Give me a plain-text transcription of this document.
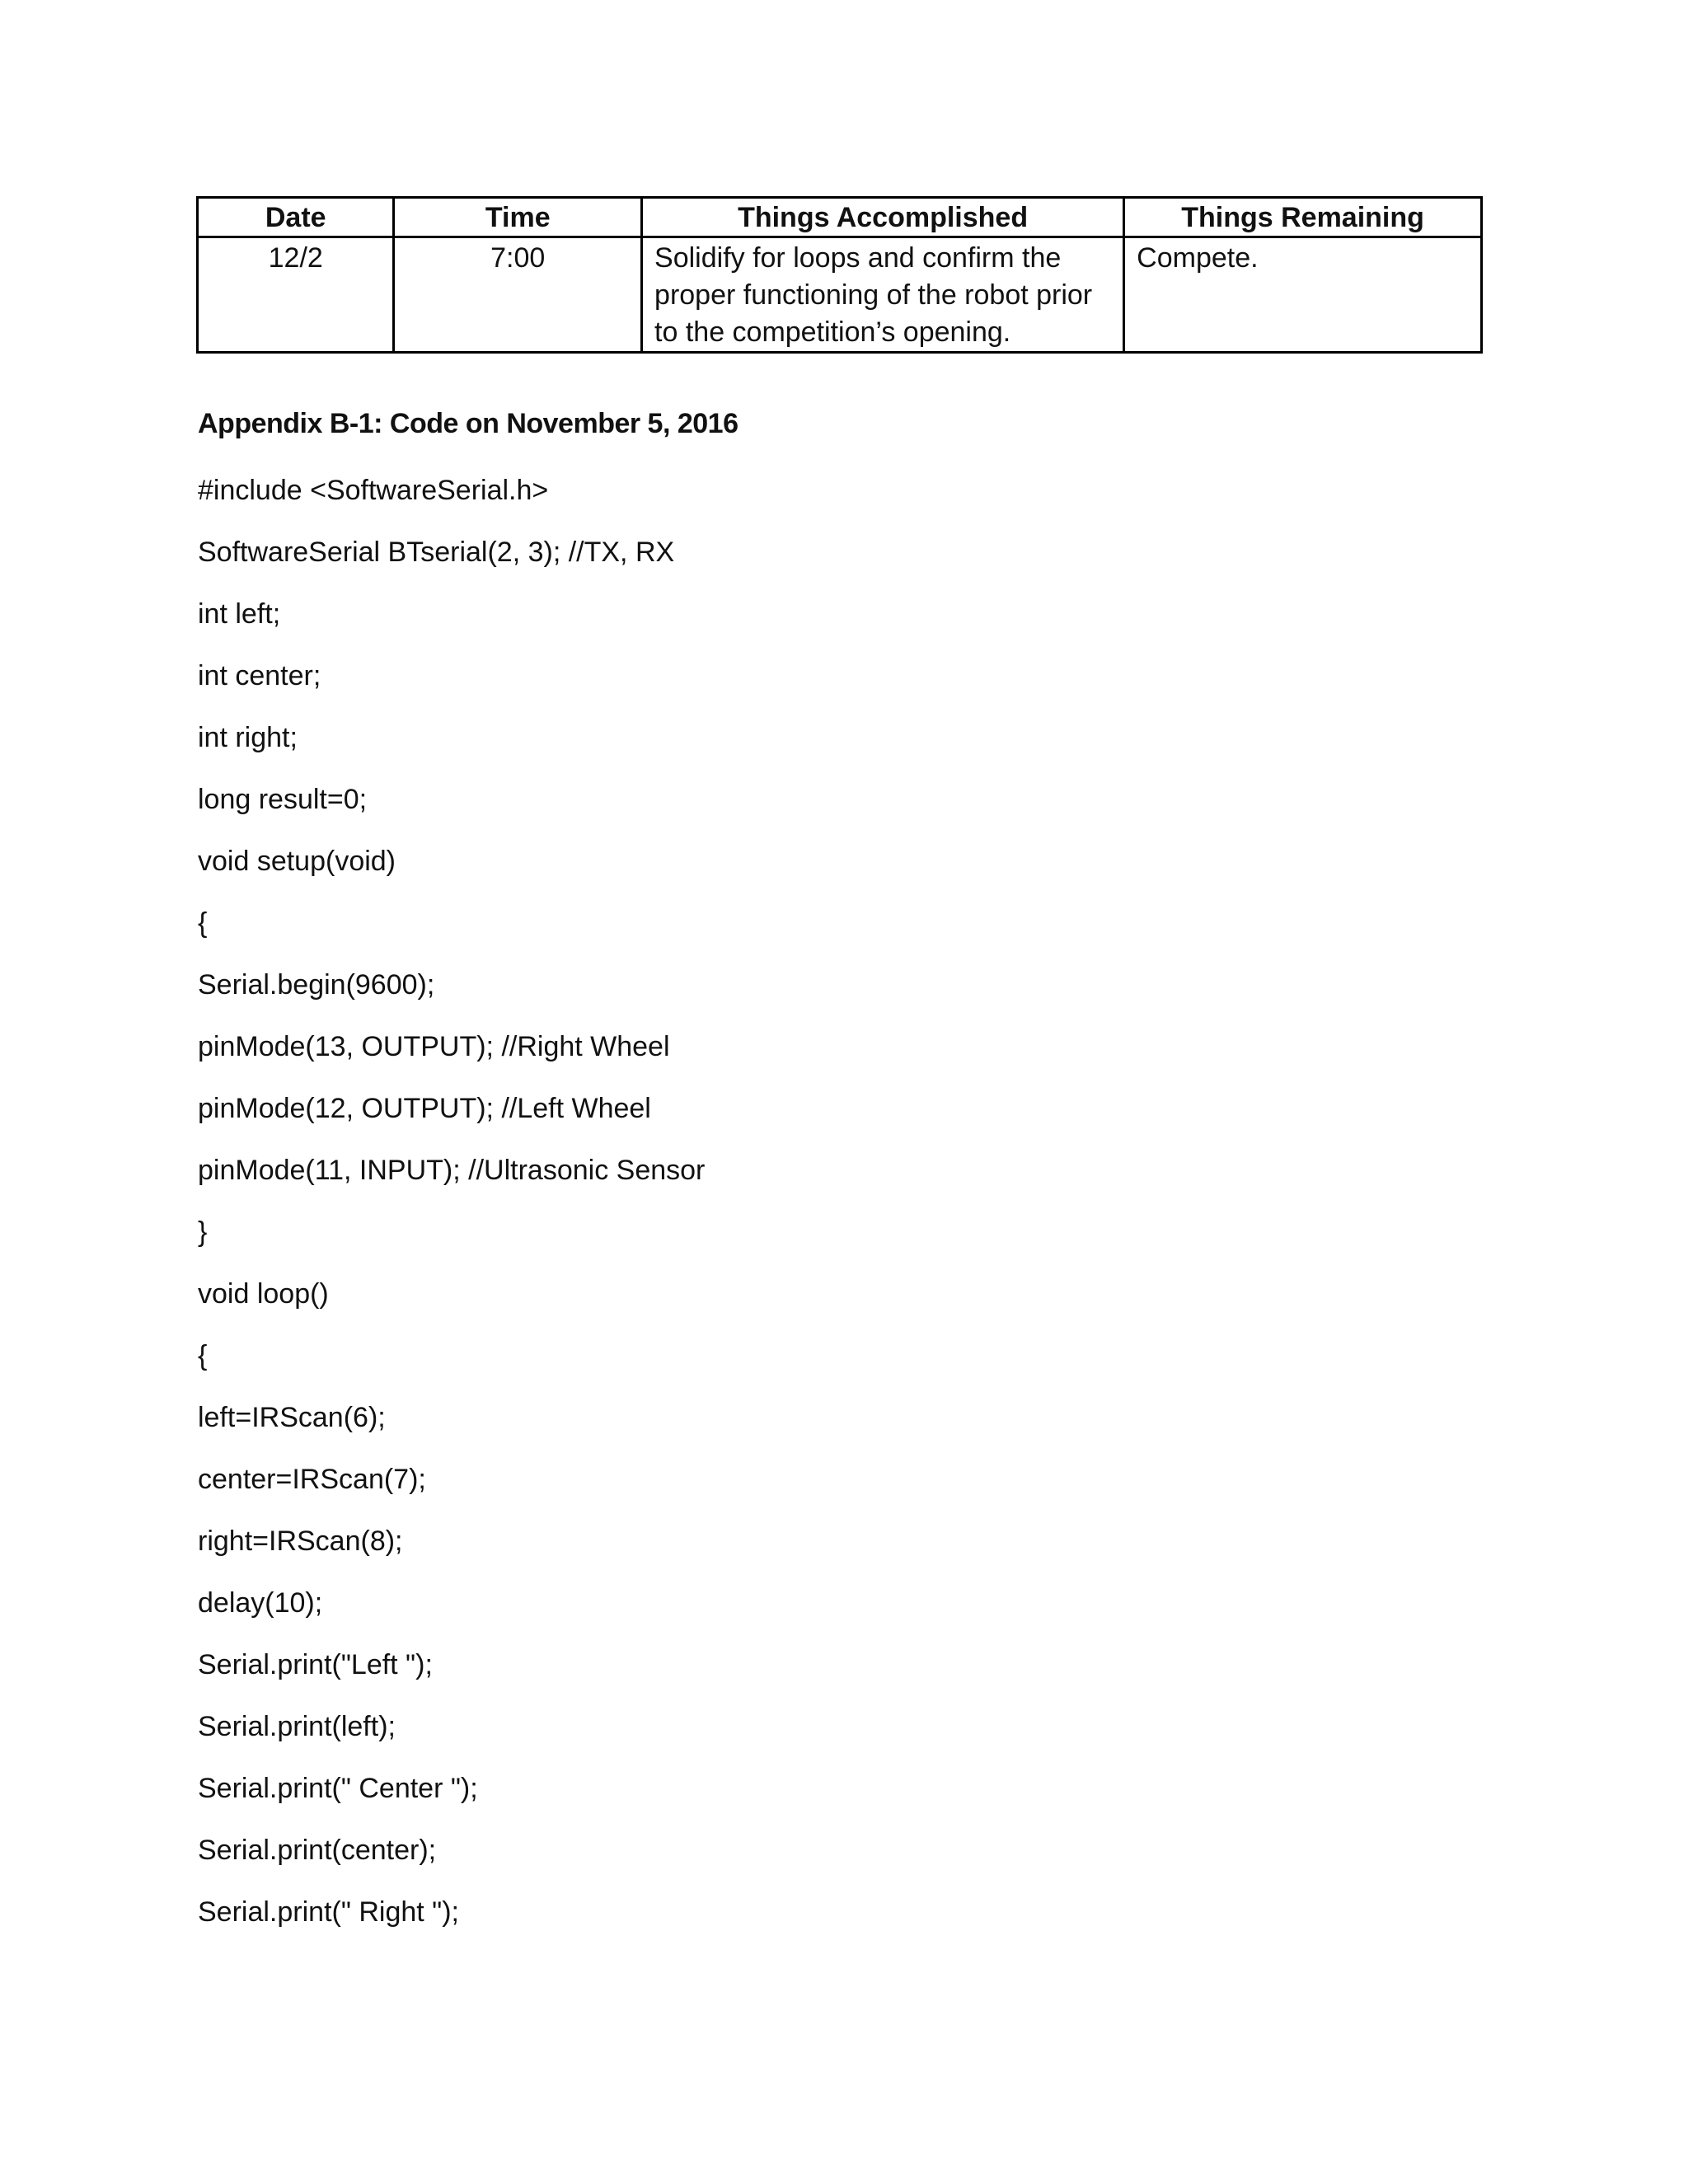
Date	Time	Things Accomplished	Things Remaining
12/2	7:00	Solidify for loops and confirm the proper functioning of the robot prior to the competition’s opening.	Compete.
Appendix B-1: Code on November 5, 2016
#include <SoftwareSerial.h>
SoftwareSerial BTserial(2, 3); //TX, RX
int left;
int center;
int right;
long result=0;
void setup(void)
{
Serial.begin(9600);
pinMode(13, OUTPUT); //Right Wheel
pinMode(12, OUTPUT); //Left Wheel
pinMode(11, INPUT); //Ultrasonic Sensor
}
void loop()
{
left=IRScan(6);
center=IRScan(7);
right=IRScan(8);
delay(10);
Serial.print("Left ");
Serial.print(left);
Serial.print(" Center ");
Serial.print(center);
Serial.print(" Right ");
